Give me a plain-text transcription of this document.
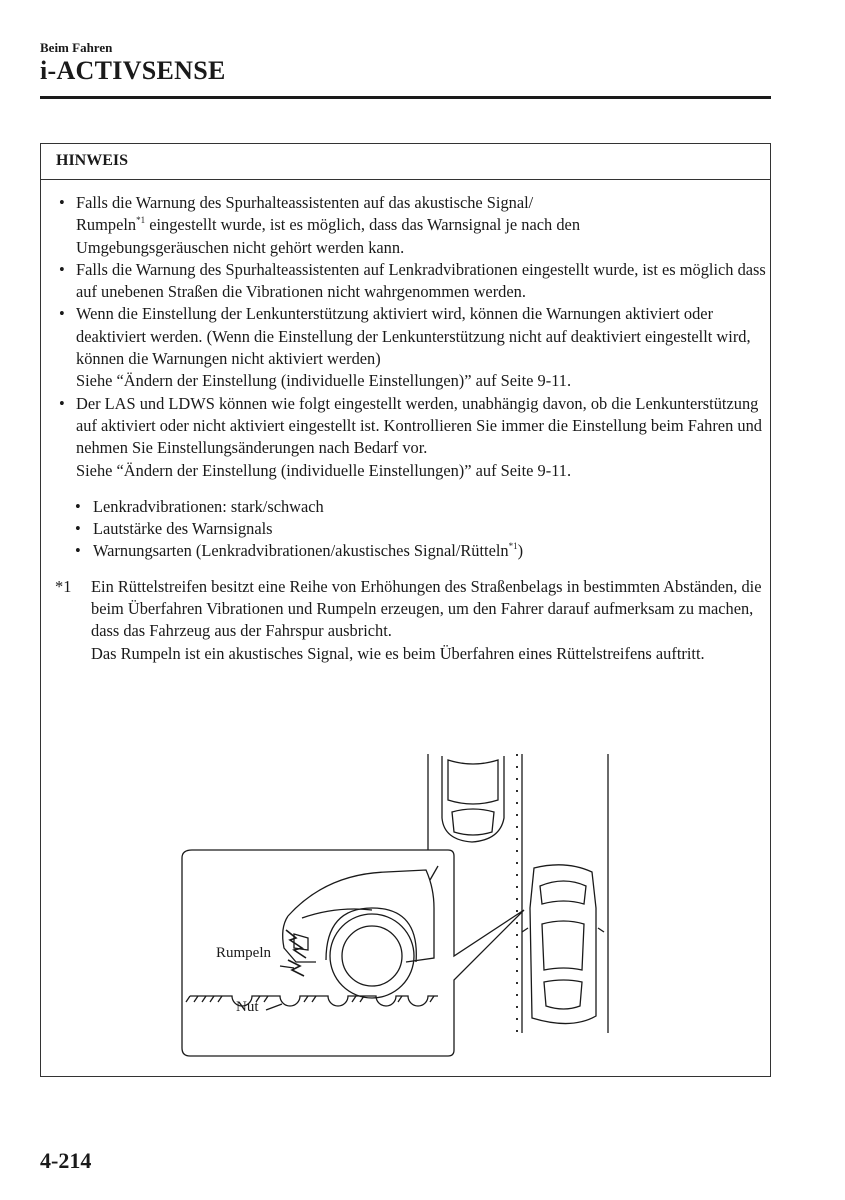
Beim Fahren
i-ACTIVSENSE
HINWEIS
• Falls die Warnung des Spurhalteassistenten auf das akustische Signal/
Rumpeln$^{*1}$ eingestellt wurde, ist es möglich, dass das Warnsignal je nach den
Umgebungsgeräuschen nicht gehört werden kann.
• Falls die Warnung des Spurhalteassistenten auf Lenkradvibrationen eingestellt wurde, ist es möglich dass auf unebenen Straßen die Vibrationen nicht wahrgenommen werden.
• Wenn die Einstellung der Lenkunterstützung aktiviert wird, können die Warnungen aktiviert oder deaktiviert werden. (Wenn die Einstellung der Lenkunterstützung nicht auf deaktiviert eingestellt wird, können die Warnungen nicht aktiviert werden)
Siehe “Ändern der Einstellung (individuelle Einstellungen)” auf Seite 9-11.
• Der LAS und LDWS können wie folgt eingestellt werden, unabhängig davon, ob die Lenkunterstützung auf aktiviert oder nicht aktiviert eingestellt ist. Kontrollieren Sie immer die Einstellung beim Fahren und nehmen Sie Einstellungsänderungen nach Bedarf vor.
Siehe “Ändern der Einstellung (individuelle Einstellungen)” auf Seite 9-11.
• Lenkradvibrationen: stark/schwach
• Lautstärke des Warnsignals
• Warnungsarten (Lenkradvibrationen/akustisches Signal/Rütteln$^{*1}$)
*1 Ein Rüttelstreifen besitzt eine Reihe von Erhöhungen des Straßenbelags in bestimmten Abständen, die beim Überfahren Vibrationen und Rumpeln erzeugen, um den Fahrer darauf aufmerksam zu machen, dass das Fahrzeug aus der Fahrspur ausbricht.
Das Rumpeln ist ein akustisches Signal, wie es beim Überfahren eines Rüttelstreifens auftritt.
Rumpeln
Nut
4-214
